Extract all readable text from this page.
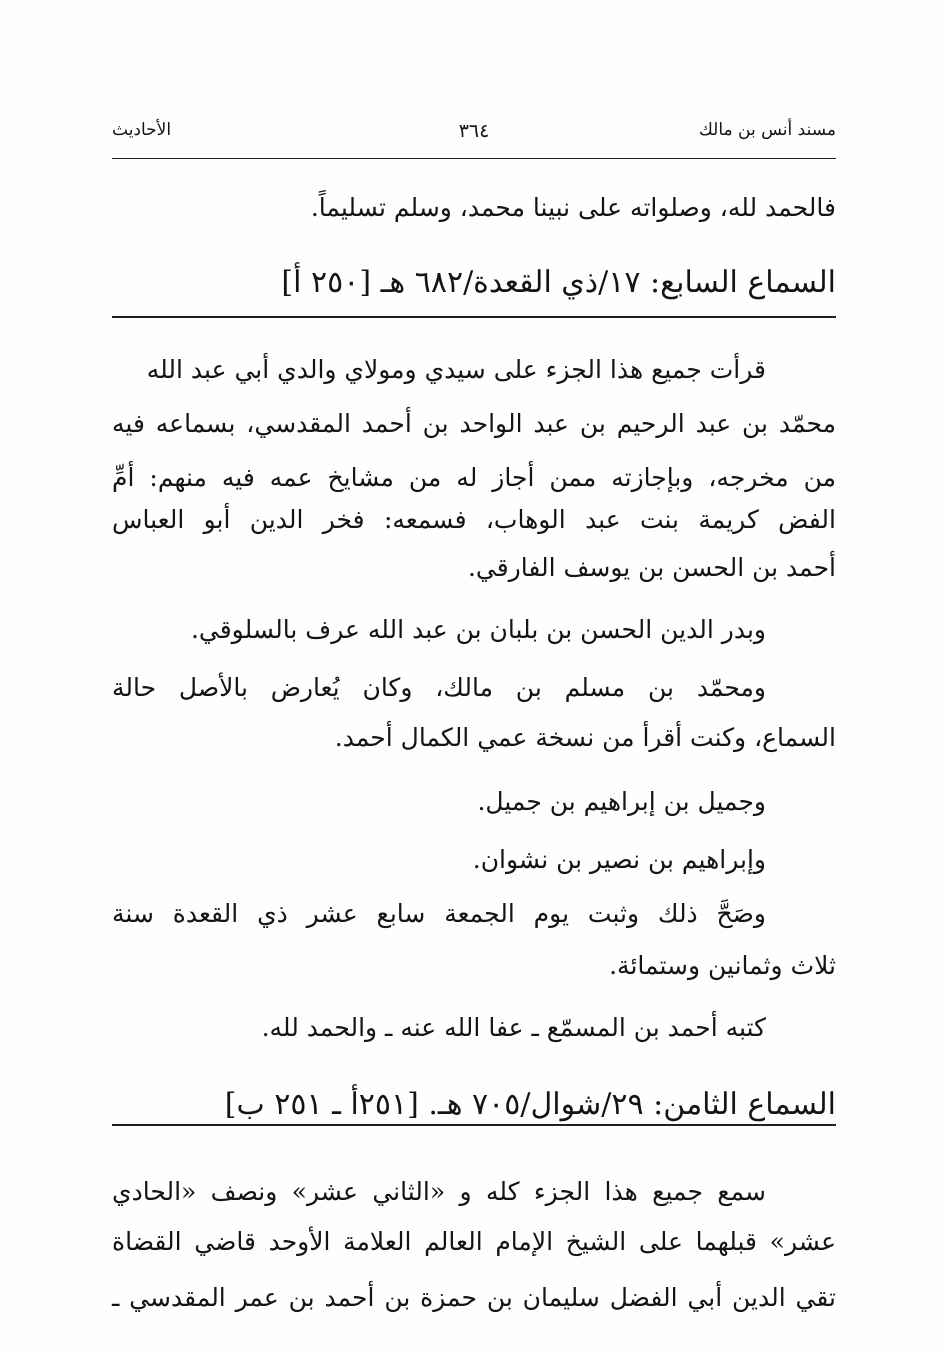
الأحاديث	٣٦٤	مسند أنس بن مالك
فالحمد لله، وصلواته على نبينا محمد، وسلم تسليماً.
السماع السابع: ١٧/ذي القعدة/٦٨٢ هـ [٢٥٠ أ]
قرأت جميع هذا الجزء على سيدي ومولاي والدي أبي عبد الله
محمّد بن عبد الرحيم بن عبد الواحد بن أحمد المقدسي، بسماعه فيه
من مخرجه، وبإجازته ممن أجاز له من مشايخ عمه فيه منهم: أمِّ
الفض كريمة بنت عبد الوهاب، فسمعه: فخر الدين أبو العباس
أحمد بن الحسن بن يوسف الفارقي.
وبدر الدين الحسن بن بلبان بن عبد الله عرف بالسلوقي.
ومحمّد بن مسلم بن مالك، وكان يُعارض بالأصل حالة
السماع، وكنت أقرأ من نسخة عمي الكمال أحمد.
وجميل بن إبراهيم بن جميل.
وإبراهيم بن نصير بن نشوان.
وصَحَّ ذلك وثبت يوم الجمعة سابع عشر ذي القعدة سنة
ثلاث وثمانين وستمائة.
كتبه أحمد بن المسمّع ـ عفا الله عنه ـ والحمد لله.
السماع الثامن: ٢٩/شوال/٧٠٥ هـ. [٢٥١أ ـ ٢٥١ ب]
سمع جميع هذا الجزء كله و «الثاني عشر» ونصف «الحادي
عشر» قبلهما على الشيخ الإمام العالم العلامة الأوحد قاضي القضاة
تقي الدين أبي الفضل سليمان بن حمزة بن أحمد بن عمر المقدسي ـ
